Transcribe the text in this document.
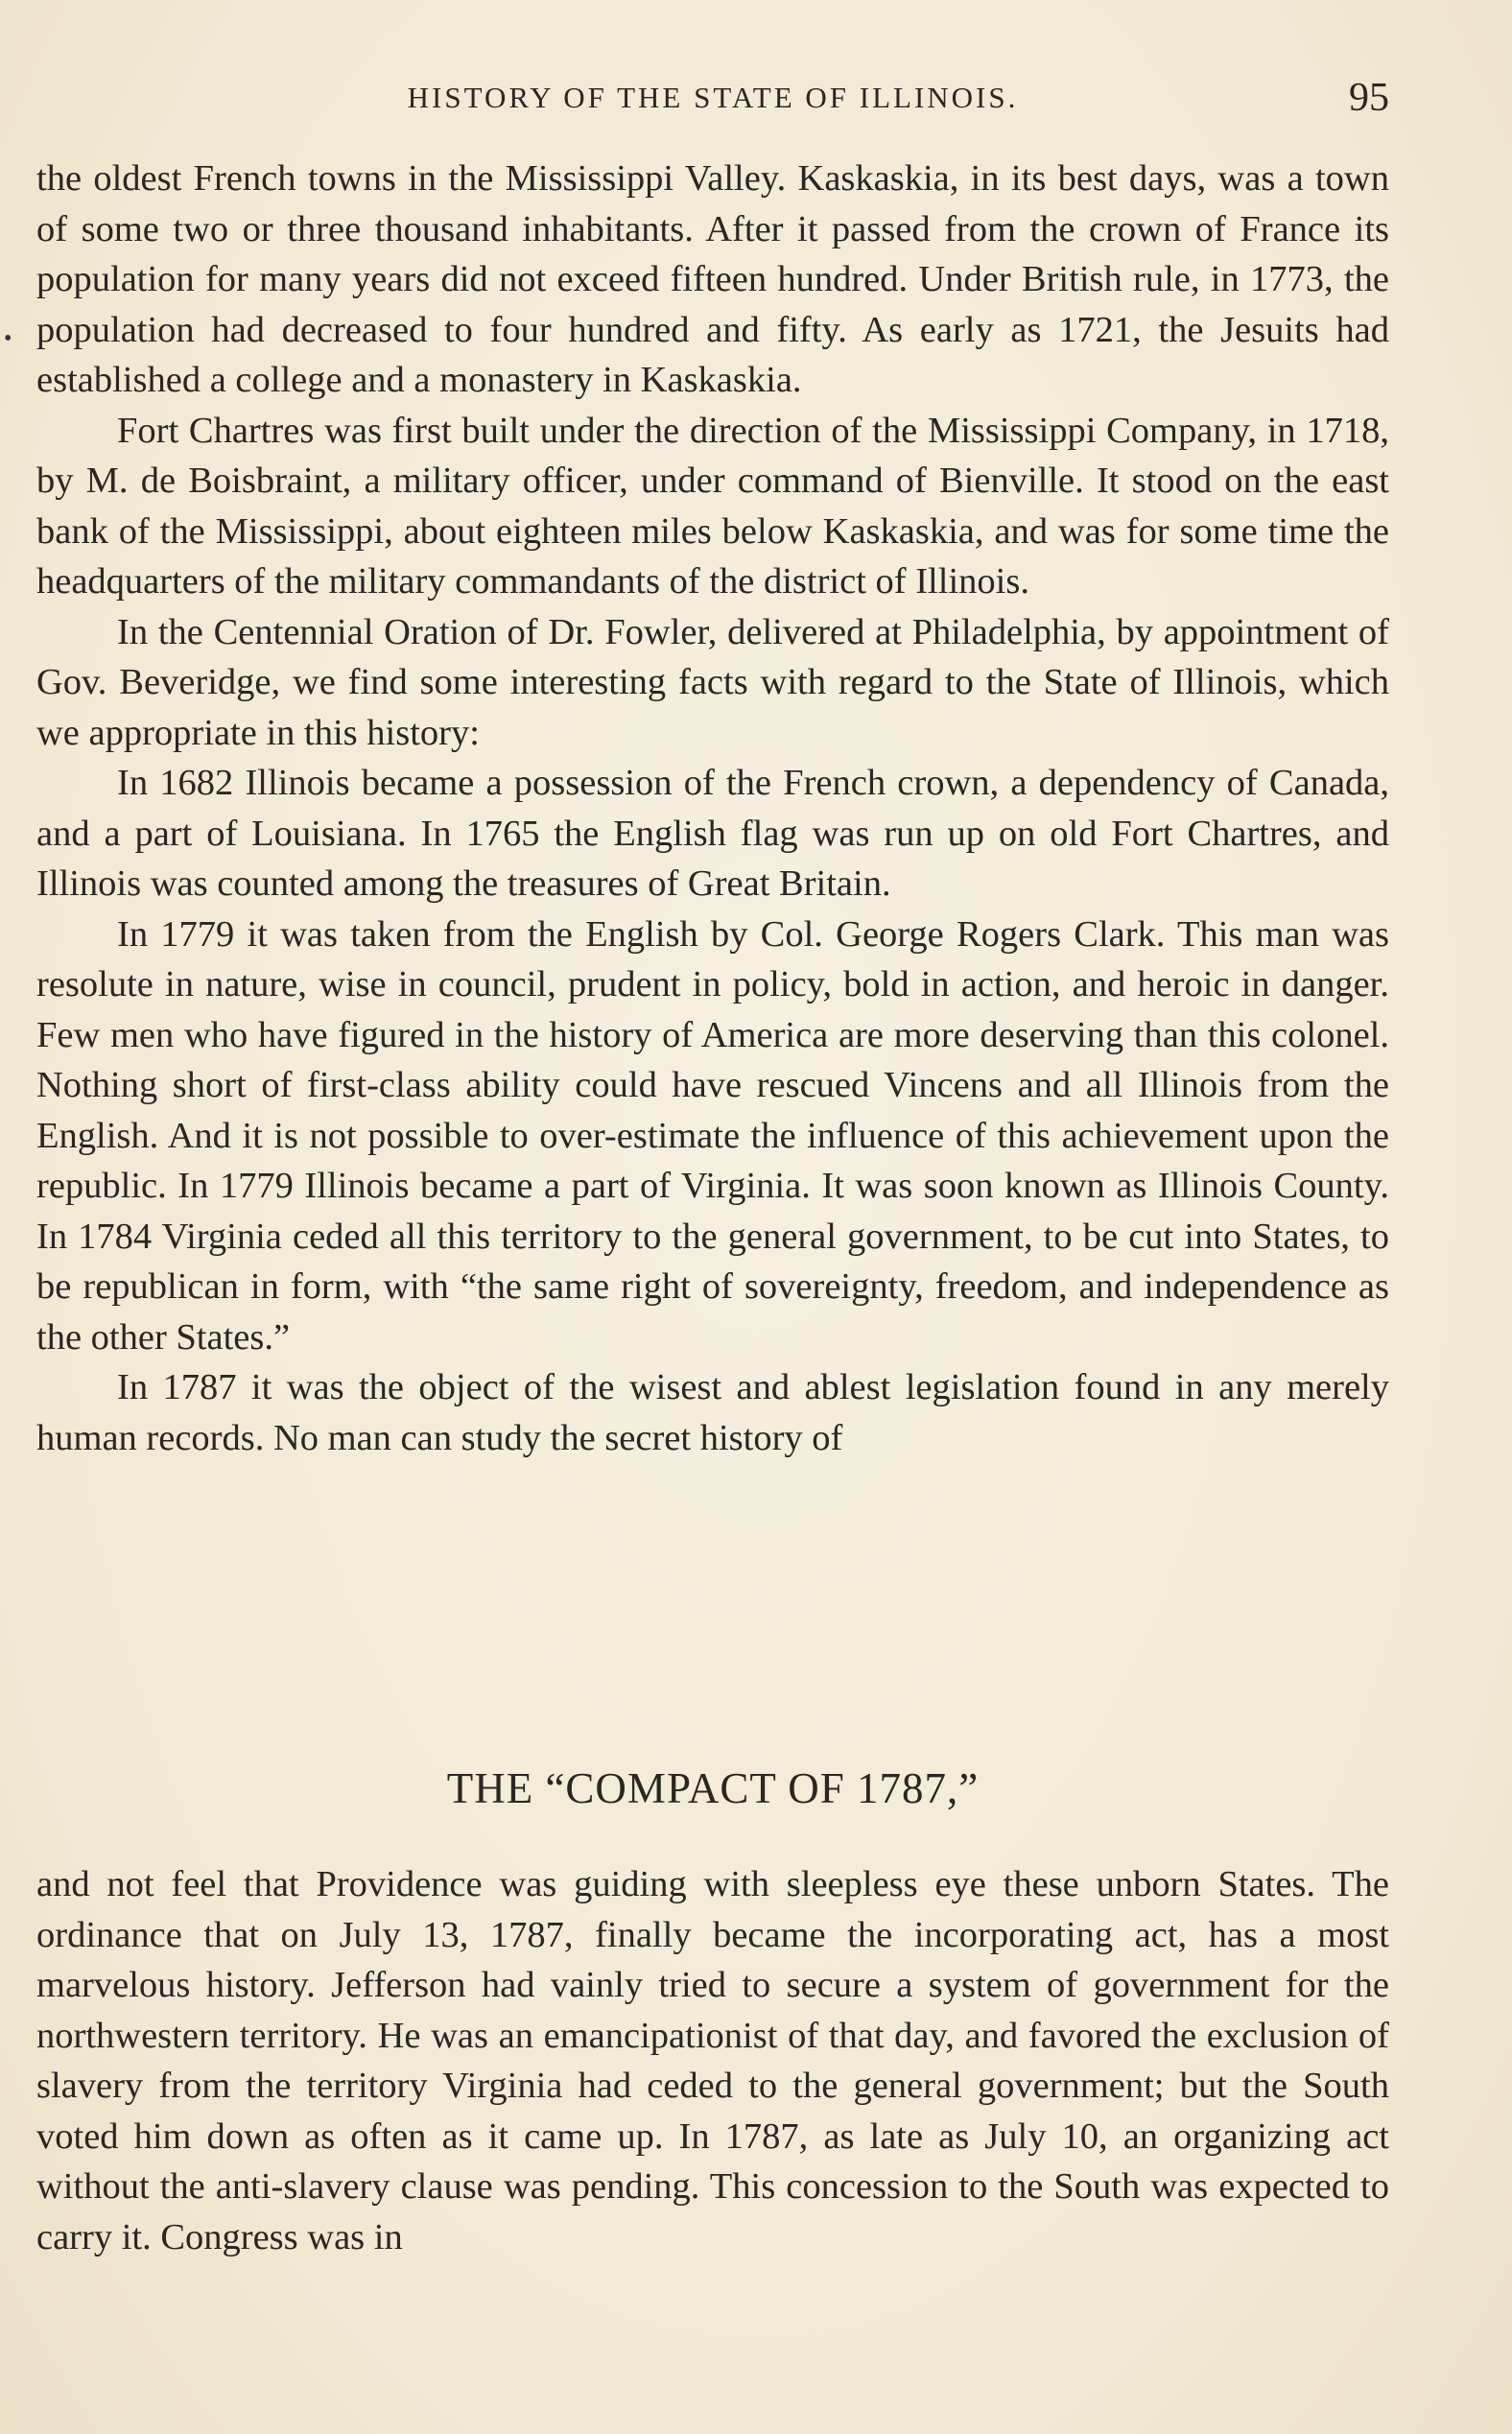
HISTORY OF THE STATE OF ILLINOIS.	95
•

the oldest French towns in the Mississippi Valley. Kaskaskia, in its best days, was a town of some two or three thousand inhabitants. After it passed from the crown of France its population for many years did not exceed fifteen hundred. Under British rule, in 1773, the population had decreased to four hundred and fifty. As early as 1721, the Jesuits had established a college and a monastery in Kaskaskia.

Fort Chartres was first built under the direction of the Mississippi Company, in 1718, by M. de Boisbraint, a military officer, under command of Bienville. It stood on the east bank of the Mississippi, about eighteen miles below Kaskaskia, and was for some time the headquarters of the military commandants of the district of Illinois.

In the Centennial Oration of Dr. Fowler, delivered at Philadelphia, by appointment of Gov. Beveridge, we find some interesting facts with regard to the State of Illinois, which we appropriate in this history:

In 1682 Illinois became a possession of the French crown, a dependency of Canada, and a part of Louisiana. In 1765 the English flag was run up on old Fort Chartres, and Illinois was counted among the treasures of Great Britain.

In 1779 it was taken from the English by Col. George Rogers Clark. This man was resolute in nature, wise in council, prudent in policy, bold in action, and heroic in danger. Few men who have figured in the history of America are more deserving than this colonel. Nothing short of first-class ability could have rescued Vincens and all Illinois from the English. And it is not possible to over-estimate the influence of this achievement upon the republic. In 1779 Illinois became a part of Virginia. It was soon known as Illinois County. In 1784 Virginia ceded all this territory to the general government, to be cut into States, to be republican in form, with “the same right of sovereignty, freedom, and independence as the other States.”

In 1787 it was the object of the wisest and ablest legislation found in any merely human records. No man can study the secret history of

THE “COMPACT OF 1787,”

and not feel that Providence was guiding with sleepless eye these unborn States. The ordinance that on July 13, 1787, finally became the incorporating act, has a most marvelous history. Jefferson had vainly tried to secure a system of government for the northwestern territory. He was an emancipationist of that day, and favored the exclusion of slavery from the territory Virginia had ceded to the general government; but the South voted him down as often as it came up. In 1787, as late as July 10, an organizing act without the anti-slavery clause was pending. This concession to the South was expected to carry it. Congress was in
